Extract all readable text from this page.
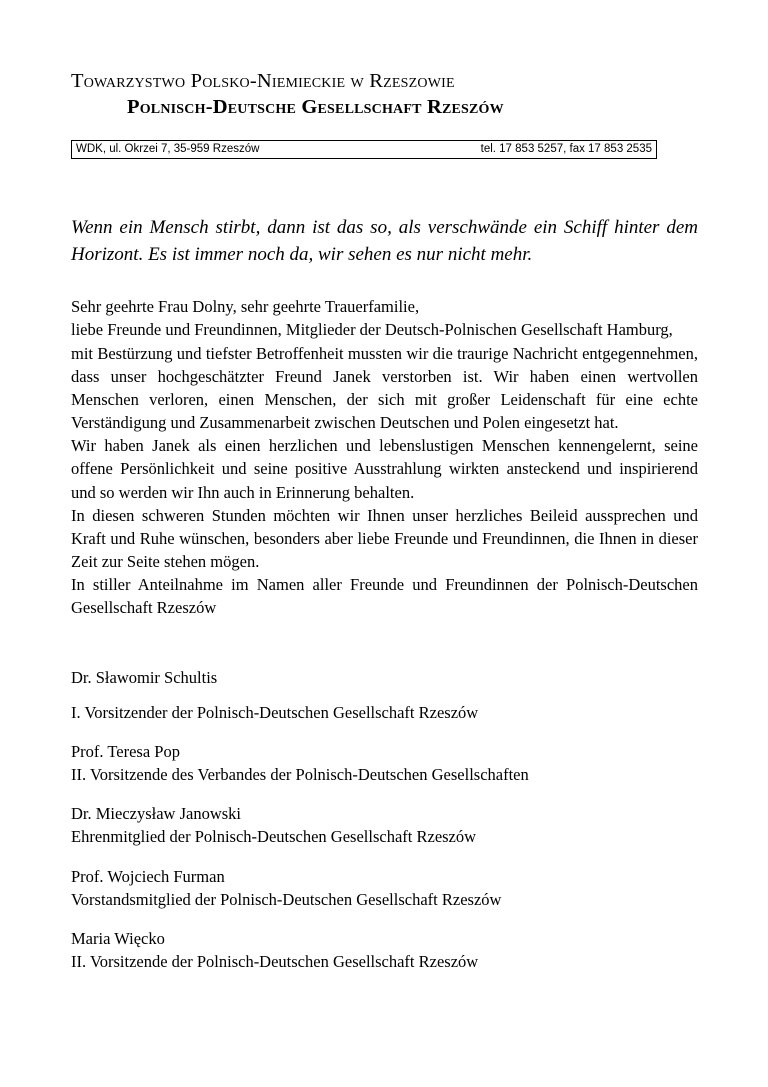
Towarzystwo Polsko-Niemieckie w Rzeszowie
Polnisch-Deutsche Gesellschaft Rzeszów
WDK, ul. Okrzei 7, 35-959 Rzeszów	tel. 17 853 5257, fax 17 853 2535
Wenn ein Mensch stirbt, dann ist das so, als verschwände ein Schiff hinter dem Horizont. Es ist immer noch da, wir sehen es nur nicht mehr.
Sehr geehrte Frau Dolny, sehr geehrte Trauerfamilie,
liebe Freunde und Freundinnen, Mitglieder der Deutsch-Polnischen Gesellschaft Hamburg,

mit Bestürzung und tiefster Betroffenheit mussten wir die traurige Nachricht entgegennehmen, dass unser hochgeschätzter Freund Janek verstorben ist. Wir haben einen wertvollen Menschen verloren, einen Menschen, der sich mit großer Leidenschaft für eine echte Verständigung und Zusammenarbeit zwischen Deutschen und Polen eingesetzt hat.

Wir haben Janek als einen herzlichen und lebenslustigen Menschen kennengelernt, seine offene Persönlichkeit und seine positive Ausstrahlung wirkten ansteckend und inspirierend und so werden wir Ihn auch in Erinnerung behalten.

In diesen schweren Stunden möchten wir Ihnen unser herzliches Beileid aussprechen und Kraft und Ruhe wünschen, besonders aber liebe Freunde und Freundinnen, die Ihnen in dieser Zeit zur Seite stehen mögen.

In stiller Anteilnahme im Namen aller Freunde und Freundinnen der Polnisch-Deutschen Gesellschaft Rzeszów

Dr. Sławomir Schultis

I. Vorsitzender der Polnisch-Deutschen Gesellschaft Rzeszów

Prof. Teresa Pop

II. Vorsitzende des Verbandes der Polnisch-Deutschen Gesellschaften

Dr. Mieczysław Janowski

Ehrenmitglied der Polnisch-Deutschen Gesellschaft Rzeszów

Prof. Wojciech Furman

Vorstandsmitglied der Polnisch-Deutschen Gesellschaft Rzeszów

Maria Więcko

II. Vorsitzende der Polnisch-Deutschen Gesellschaft Rzeszów
